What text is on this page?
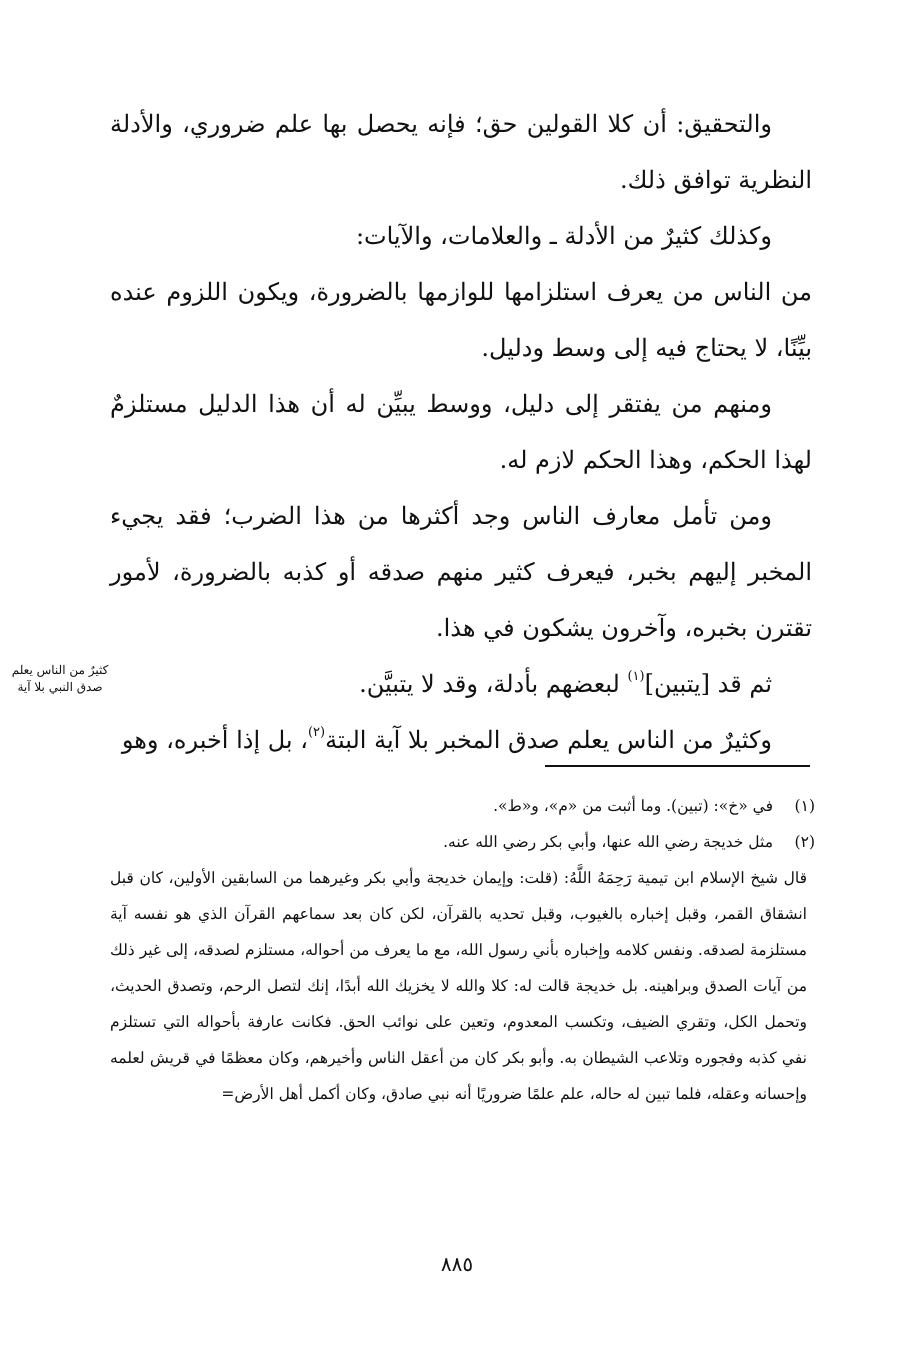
والتحقيق: أن كلا القولين حق؛ فإنه يحصل بها علم ضروري، والأدلة النظرية توافق ذلك.

وكذلك كثيرٌ من الأدلة ـ والعلامات، والآيات:

من الناس من يعرف استلزامها للوازمها بالضرورة، ويكون اللزوم عنده بيِّنًا، لا يحتاج فيه إلى وسط ودليل.

ومنهم من يفتقر إلى دليل، ووسط يبيِّن له أن هذا الدليل مستلزمٌ لهذا الحكم، وهذا الحكم لازم له.

ومن تأمل معارف الناس وجد أكثرها من هذا الضرب؛ فقد يجيء المخبر إليهم بخبر، فيعرف كثير منهم صدقه أو كذبه بالضرورة، لأمور تقترن بخبره، وآخرون يشكون في هذا.

ثم قد [يتبين]$^{(١)}$ لبعضهم بأدلة، وقد لا يتبيَّن.

وكثيرٌ من الناس يعلم صدق المخبر بلا آية البتة$^{(٢)}$، بل إذا أخبره، وهو

كثيرٌ من الناس يعلم صدق النبي بلا آية
(١)
في «خ»: (تبين). وما أثبت من «م»، و«ط».
(٢)
مثل خديجة رضي الله عنها، وأبي بكر رضي الله عنه.
قال شيخ الإسلام ابن تيمية رَحِمَهُ اللَّهُ: (قلت: وإيمان خديجة وأبي بكر وغيرهما من السابقين الأولين، كان قبل انشقاق القمر، وقبل إخباره بالغيوب، وقبل تحديه بالقرآن، لكن كان بعد سماعهم القرآن الذي هو نفسه آية مستلزمة لصدقه. ونفس كلامه وإخباره بأني رسول الله، مع ما يعرف من أحواله، مستلزم لصدقه، إلى غير ذلك من آيات الصدق وبراهينه. بل خديجة قالت له: كلا والله لا يخزيك الله أبدًا، إنك لتصل الرحم، وتصدق الحديث، وتحمل الكل، وتقري الضيف، وتكسب المعدوم، وتعين على نوائب الحق. فكانت عارفة بأحواله التي تستلزم نفي كذبه وفجوره وتلاعب الشيطان به. وأبو بكر كان من أعقل الناس وأخيرهم، وكان معظمًا في قريش لعلمه وإحسانه وعقله، فلما تبين له حاله، علم علمًا ضروريًا أنه نبي صادق، وكان أكمل أهل الأرض=
٨٨٥
